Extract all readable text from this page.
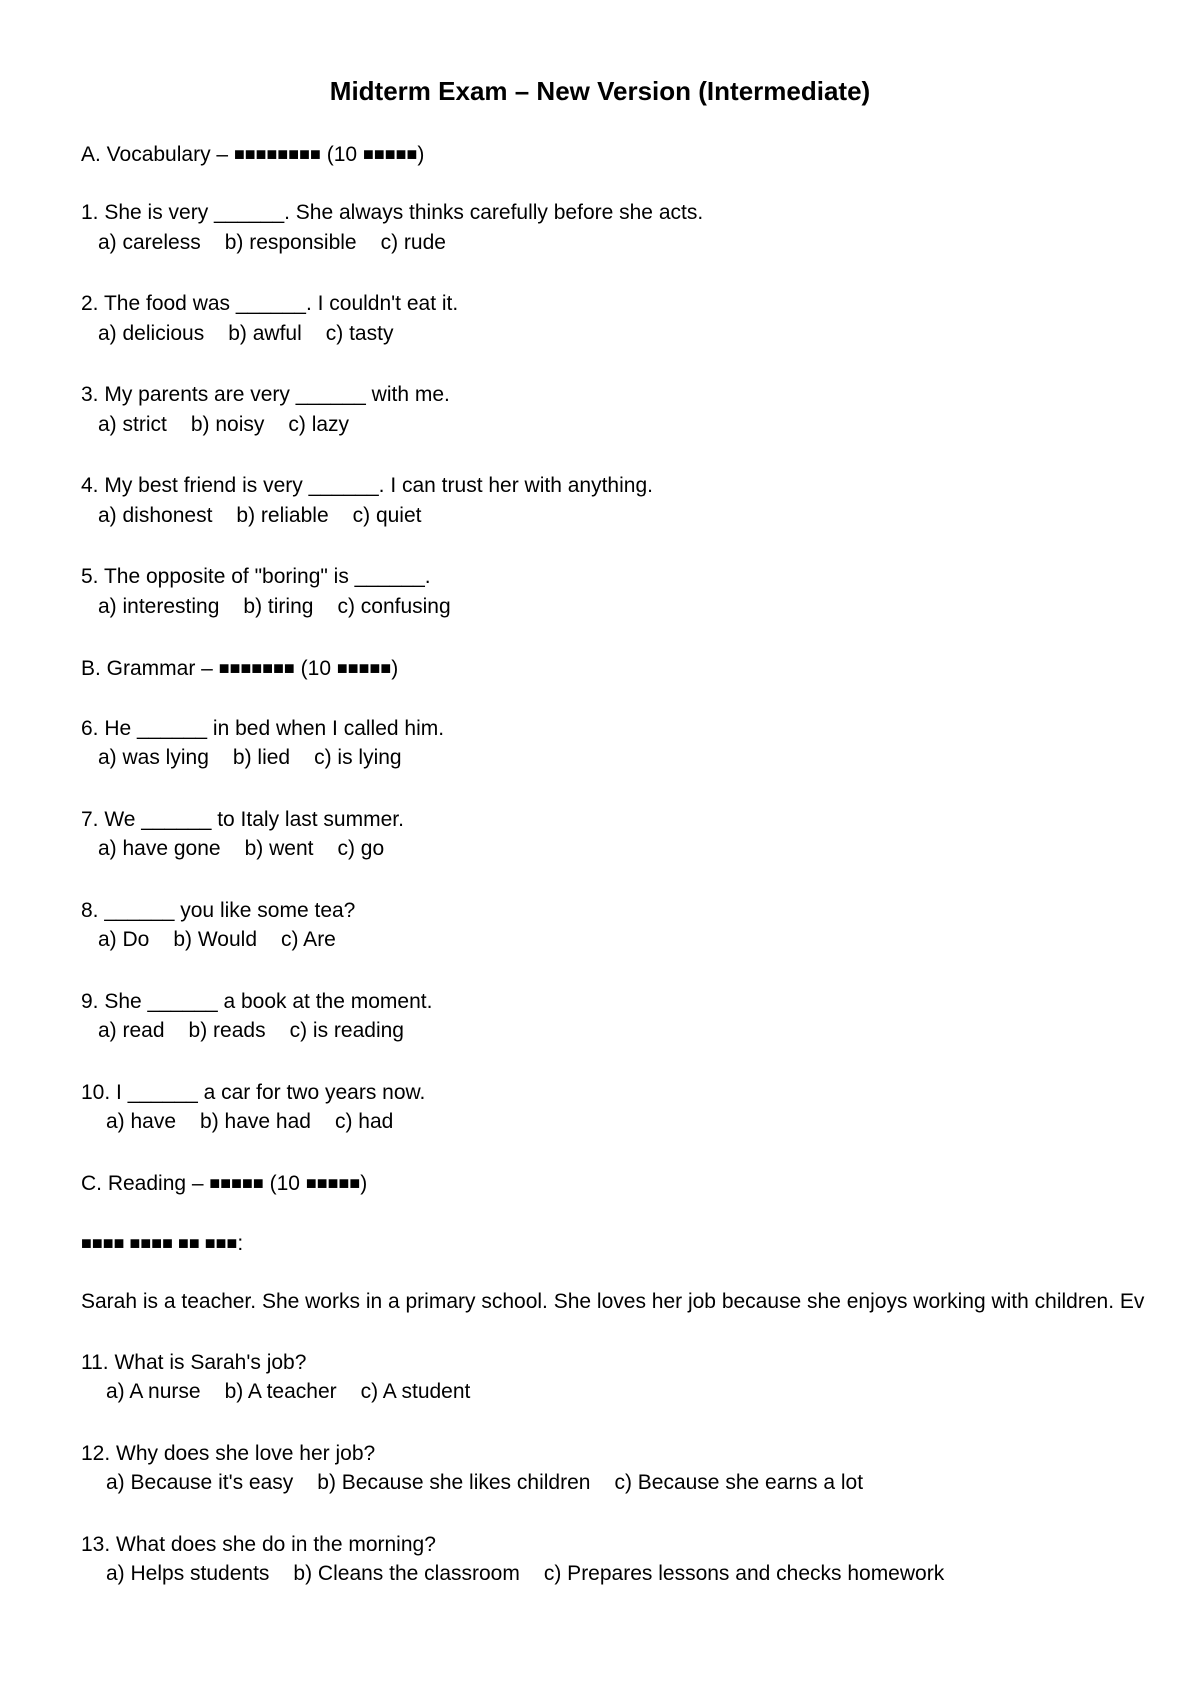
Midterm Exam – New Version (Intermediate)
A. Vocabulary – ■■■■■■■■ (10 ■■■■■)
1. She is very ______. She always thinks carefully before she acts.
a) careless b) responsible c) rude
2. The food was ______. I couldn't eat it.
a) delicious b) awful c) tasty
3. My parents are very ______ with me.
a) strict b) noisy c) lazy
4. My best friend is very ______. I can trust her with anything.
a) dishonest b) reliable c) quiet
5. The opposite of "boring" is ______.
a) interesting b) tiring c) confusing
B. Grammar – ■■■■■■■ (10 ■■■■■)
6. He ______ in bed when I called him.
a) was lying b) lied c) is lying
7. We ______ to Italy last summer.
a) have gone b) went c) go
8. ______ you like some tea?
a) Do b) Would c) Are
9. She ______ a book at the moment.
a) read b) reads c) is reading
10. I ______ a car for two years now.
a) have b) have had c) had
C. Reading – ■■■■■ (10 ■■■■■)
■■■■ ■■■■ ■■ ■■■:
Sarah is a teacher. She works in a primary school. She loves her job because she enjoys working with children. Ev
11. What is Sarah's job?
a) A nurse b) A teacher c) A student
12. Why does she love her job?
a) Because it's easy b) Because she likes children c) Because she earns a lot
13. What does she do in the morning?
a) Helps students b) Cleans the classroom c) Prepares lessons and checks homework
